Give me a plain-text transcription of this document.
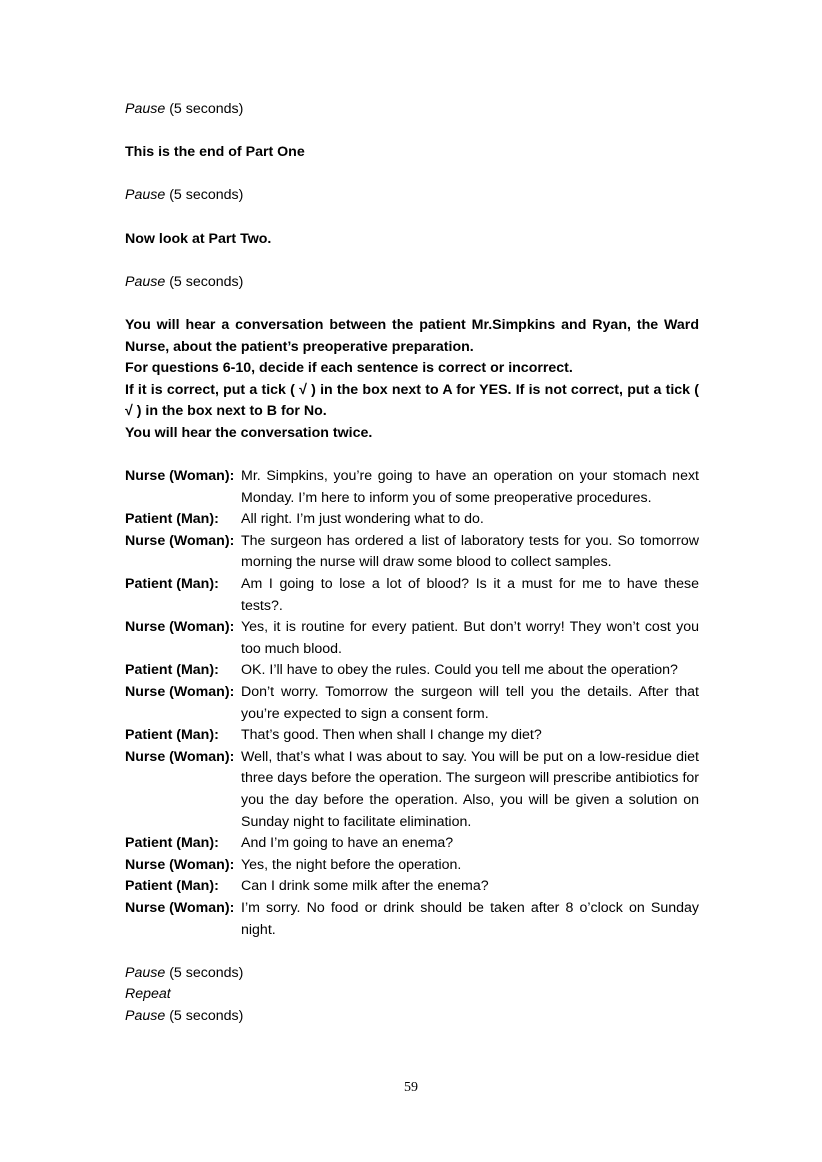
Pause (5 seconds)

This is the end of Part One

Pause (5 seconds)

Now look at Part Two.

Pause (5 seconds)

You will hear a conversation between the patient Mr.Simpkins and Ryan, the Ward Nurse, about the patient’s preoperative preparation.

For questions 6-10, decide if each sentence is correct or incorrect.

If it is correct, put a tick ( √ ) in the box next to A for YES. If is not correct, put a tick ( √ ) in the box next to B for No.

You will hear the conversation twice.

Nurse (Woman): Mr. Simpkins, you’re going to have an operation on your stomach next Monday. I’m here to inform you of some preoperative procedures.
Patient (Man):	All right. I’m just wondering what to do.
Nurse (Woman): The surgeon has ordered a list of laboratory tests for you. So tomorrow morning the nurse will draw some blood to collect samples.
Patient (Man):	Am I going to lose a lot of blood? Is it a must for me to have these tests?.
Nurse (Woman): Yes, it is routine for every patient. But don’t worry! They won’t cost you too much blood.
Patient (Man):	OK. I’ll have to obey the rules. Could you tell me about the operation?
Nurse (Woman): Don’t worry. Tomorrow the surgeon will tell you the details. After that you’re expected to sign a consent form.
Patient (Man):	That’s good. Then when shall I change my diet?
Nurse (Woman): Well, that’s what I was about to say. You will be put on a low-residue diet three days before the operation. The surgeon will prescribe antibiotics for you the day before the operation. Also, you will be given a solution on Sunday night to facilitate elimination.
Patient (Man):	And I’m going to have an enema?
Nurse (Woman): Yes, the night before the operation.
Patient (Man):	Can I drink some milk after the enema?
Nurse (Woman): I’m sorry. No food or drink should be taken after 8 o’clock on Sunday night.

Pause (5 seconds)

Repeat

Pause (5 seconds)

59
